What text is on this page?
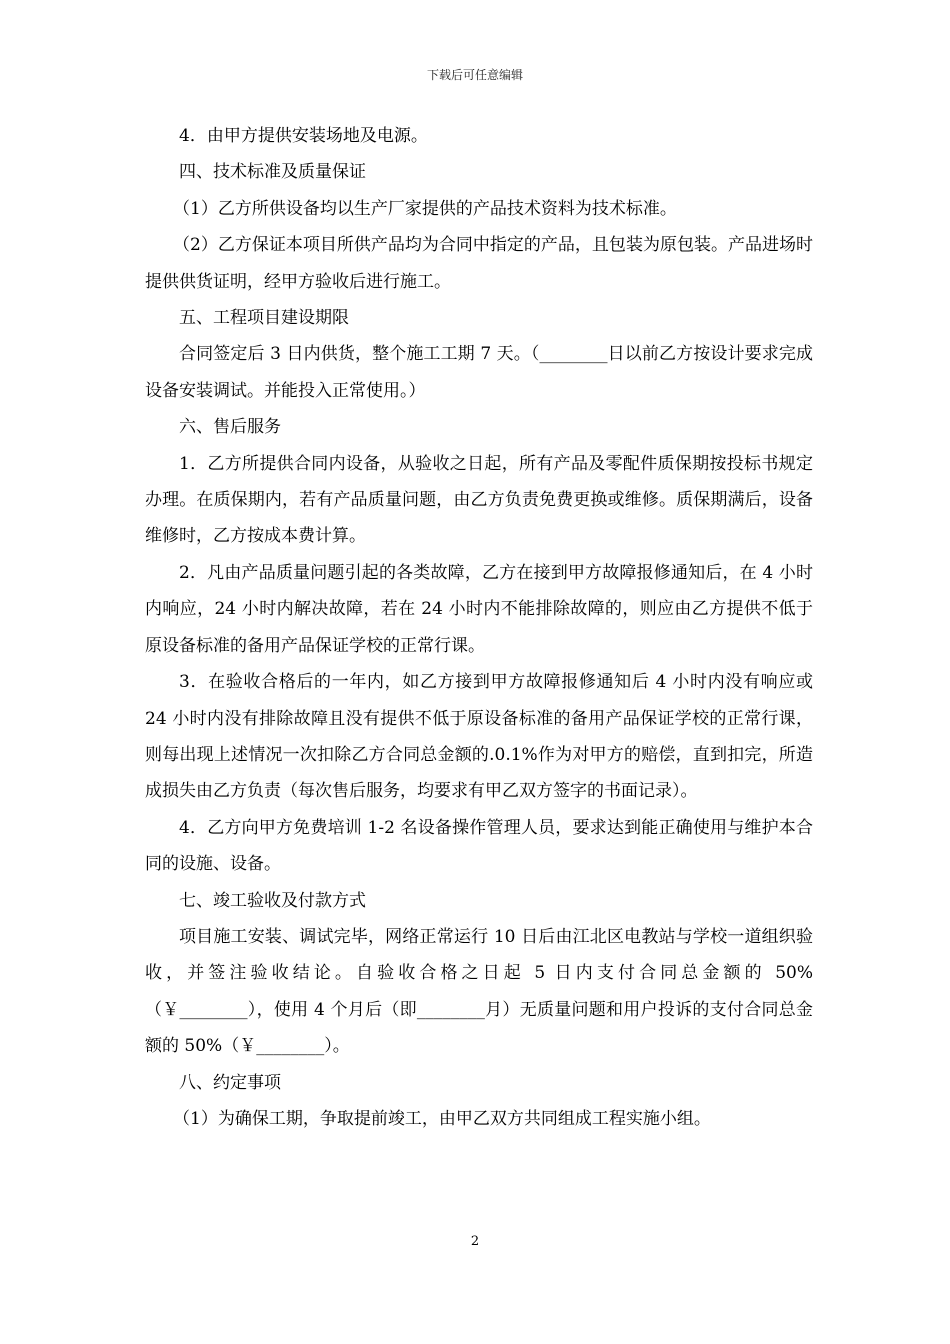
下载后可任意编辑

4．由甲方提供安装场地及电源。

四、技术标准及质量保证

（1）乙方所供设备均以生产厂家提供的产品技术资料为技术标准。

（2）乙方保证本项目所供产品均为合同中指定的产品，且包装为原包装。产品进场时提供供货证明，经甲方验收后进行施工。

五、工程项目建设期限

合同签定后 3 日内供货，整个施工工期 7 天。（________日以前乙方按设计要求完成设备安装调试。并能投入正常使用。）

六、售后服务

1．乙方所提供合同内设备，从验收之日起，所有产品及零配件质保期按投标书规定办理。在质保期内，若有产品质量问题，由乙方负责免费更换或维修。质保期满后，设备维修时，乙方按成本费计算。

2．凡由产品质量问题引起的各类故障，乙方在接到甲方故障报修通知后，在 4 小时内响应，24 小时内解决故障，若在 24 小时内不能排除故障的，则应由乙方提供不低于原设备标准的备用产品保证学校的正常行课。

3．在验收合格后的一年内，如乙方接到甲方故障报修通知后 4 小时内没有响应或 24 小时内没有排除故障且没有提供不低于原设备标准的备用产品保证学校的正常行课，则每出现上述情况一次扣除乙方合同总金额的.0.1%作为对甲方的赔偿，直到扣完，所造成损失由乙方负责（每次售后服务，均要求有甲乙双方签字的书面记录）。

4．乙方向甲方免费培训 1-2 名设备操作管理人员，要求达到能正确使用与维护本合同的设施、设备。

七、竣工验收及付款方式

项目施工安装、调试完毕，网络正常运行 10 日后由江北区电教站与学校一道组织验收，并签注验收结论。自验收合格之日起 5 日内支付合同总金额的 50%（￥________），使用 4 个月后（即________月）无质量问题和用户投诉的支付合同总金额的 50%（￥________）。

八、约定事项

（1）为确保工期，争取提前竣工，由甲乙双方共同组成工程实施小组。

2
